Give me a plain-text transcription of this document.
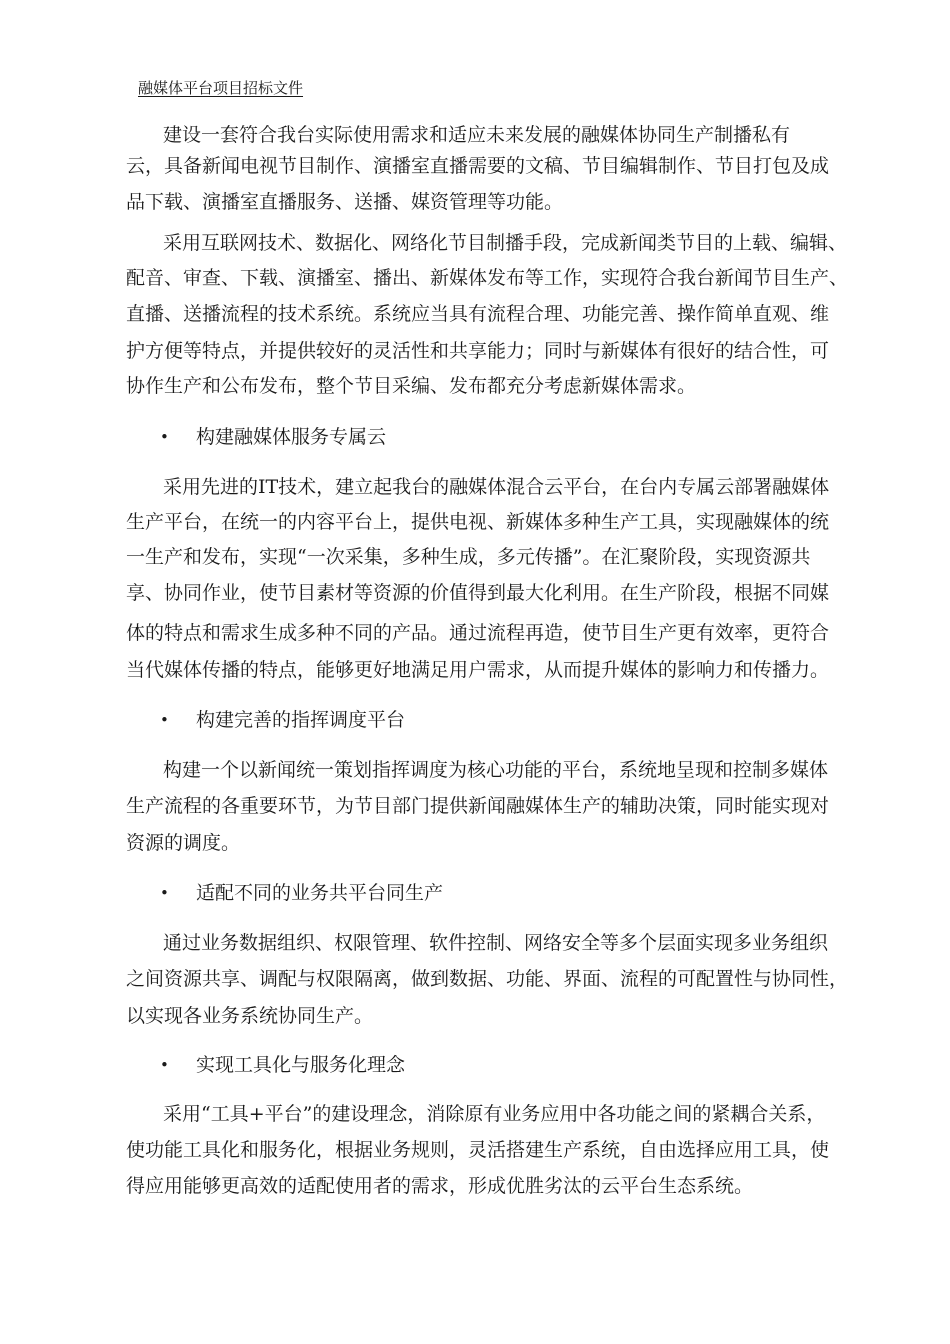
融媒体平台项目招标文件
建设一套符合我台实际使用需求和适应未来发展的融媒体协同生产制播私有
云，具备新闻电视节目制作、演播室直播需要的文稿、节目编辑制作、节目打包及成
品下载、演播室直播服务、送播、媒资管理等功能。
采用互联网技术、数据化、网络化节目制播手段，完成新闻类节目的上载、编辑、
配音、审查、下载、演播室、播出、新媒体发布等工作，实现符合我台新闻节目生产、
直播、送播流程的技术系统。系统应当具有流程合理、功能完善、操作简单直观、维
护方便等特点，并提供较好的灵活性和共享能力；同时与新媒体有很好的结合性，可
协作生产和公布发布，整个节目采编、发布都充分考虑新媒体需求。
• 构建融媒体服务专属云
采用先进的IT技术，建立起我台的融媒体混合云平台，在台内专属云部署融媒体
生产平台，在统一的内容平台上，提供电视、新媒体多种生产工具，实现融媒体的统
一生产和发布，实现“一次采集，多种生成，多元传播”。在汇聚阶段，实现资源共
享、协同作业，使节目素材等资源的价值得到最大化利用。在生产阶段，根据不同媒
体的特点和需求生成多种不同的产品。通过流程再造，使节目生产更有效率，更符合
当代媒体传播的特点，能够更好地满足用户需求，从而提升媒体的影响力和传播力。
• 构建完善的指挥调度平台
构建一个以新闻统一策划指挥调度为核心功能的平台，系统地呈现和控制多媒体
生产流程的各重要环节，为节目部门提供新闻融媒体生产的辅助决策，同时能实现对
资源的调度。
• 适配不同的业务共平台同生产
通过业务数据组织、权限管理、软件控制、网络安全等多个层面实现多业务组织
之间资源共享、调配与权限隔离，做到数据、功能、界面、流程的可配置性与协同性，
以实现各业务系统协同生产。
• 实现工具化与服务化理念
采用“工具+平台”的建设理念，消除原有业务应用中各功能之间的紧耦合关系，
使功能工具化和服务化，根据业务规则，灵活搭建生产系统，自由选择应用工具，使
得应用能够更高效的适配使用者的需求，形成优胜劣汰的云平台生态系统。
